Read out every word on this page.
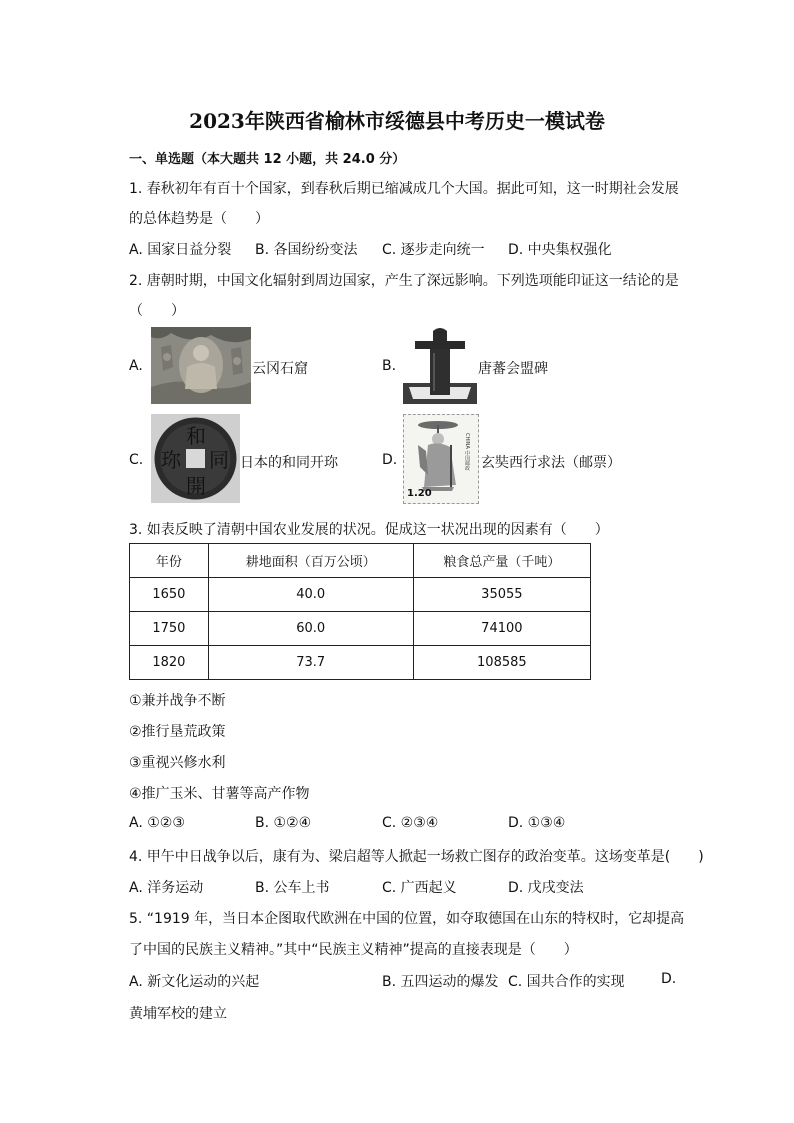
2023年陕西省榆林市绥德县中考历史一模试卷
一、单选题（本大题共 12 小题，共 24.0 分）
1. 春秋初年有百十个国家，到春秋后期已缩减成几个大国。据此可知，这一时期社会发展
的总体趋势是（　　）
A. 国家日益分裂 B. 各国纷纷变法 C. 逐步走向统一 D. 中央集权强化
2. 唐朝时期，中国文化辐射到周边国家，产生了深远影响。下列选项能印证这一结论的是
（　　）
A.	云冈石窟	B.	唐蕃会盟碑
C.
和
同
開
珎	日本的和同开珎	D.
1.20
CHINA 中国邮政 玄奘西行求法（邮票）
3. 如表反映了清朝中国农业发展的状况。促成这一状况出现的因素有（　　）
年份	耕地面积（百万公顷）	粮食总产量（千吨）
1650	40.0	35055
1750	60.0	74100
1820	73.7	108585
①兼并战争不断
②推行垦荒政策
③重视兴修水利
④推广玉米、甘薯等高产作物
A. ①②③	B. ①②④	C. ②③④	D. ①③④
4. 甲午中日战争以后，康有为、梁启超等人掀起一场救亡图存的政治变革。这场变革是(　　)
A. 洋务运动	B. 公车上书	C. 广西起义	D. 戊戌变法
5. “1919 年，当日本企图取代欧洲在中国的位置，如夺取德国在山东的特权时，它却提高
了中国的民族主义精神。”其中“民族主义精神”提高的直接表现是（　　）
A. 新文化运动的兴起	B. 五四运动的爆发 C. 国共合作的实现	D.
黄埔军校的建立
